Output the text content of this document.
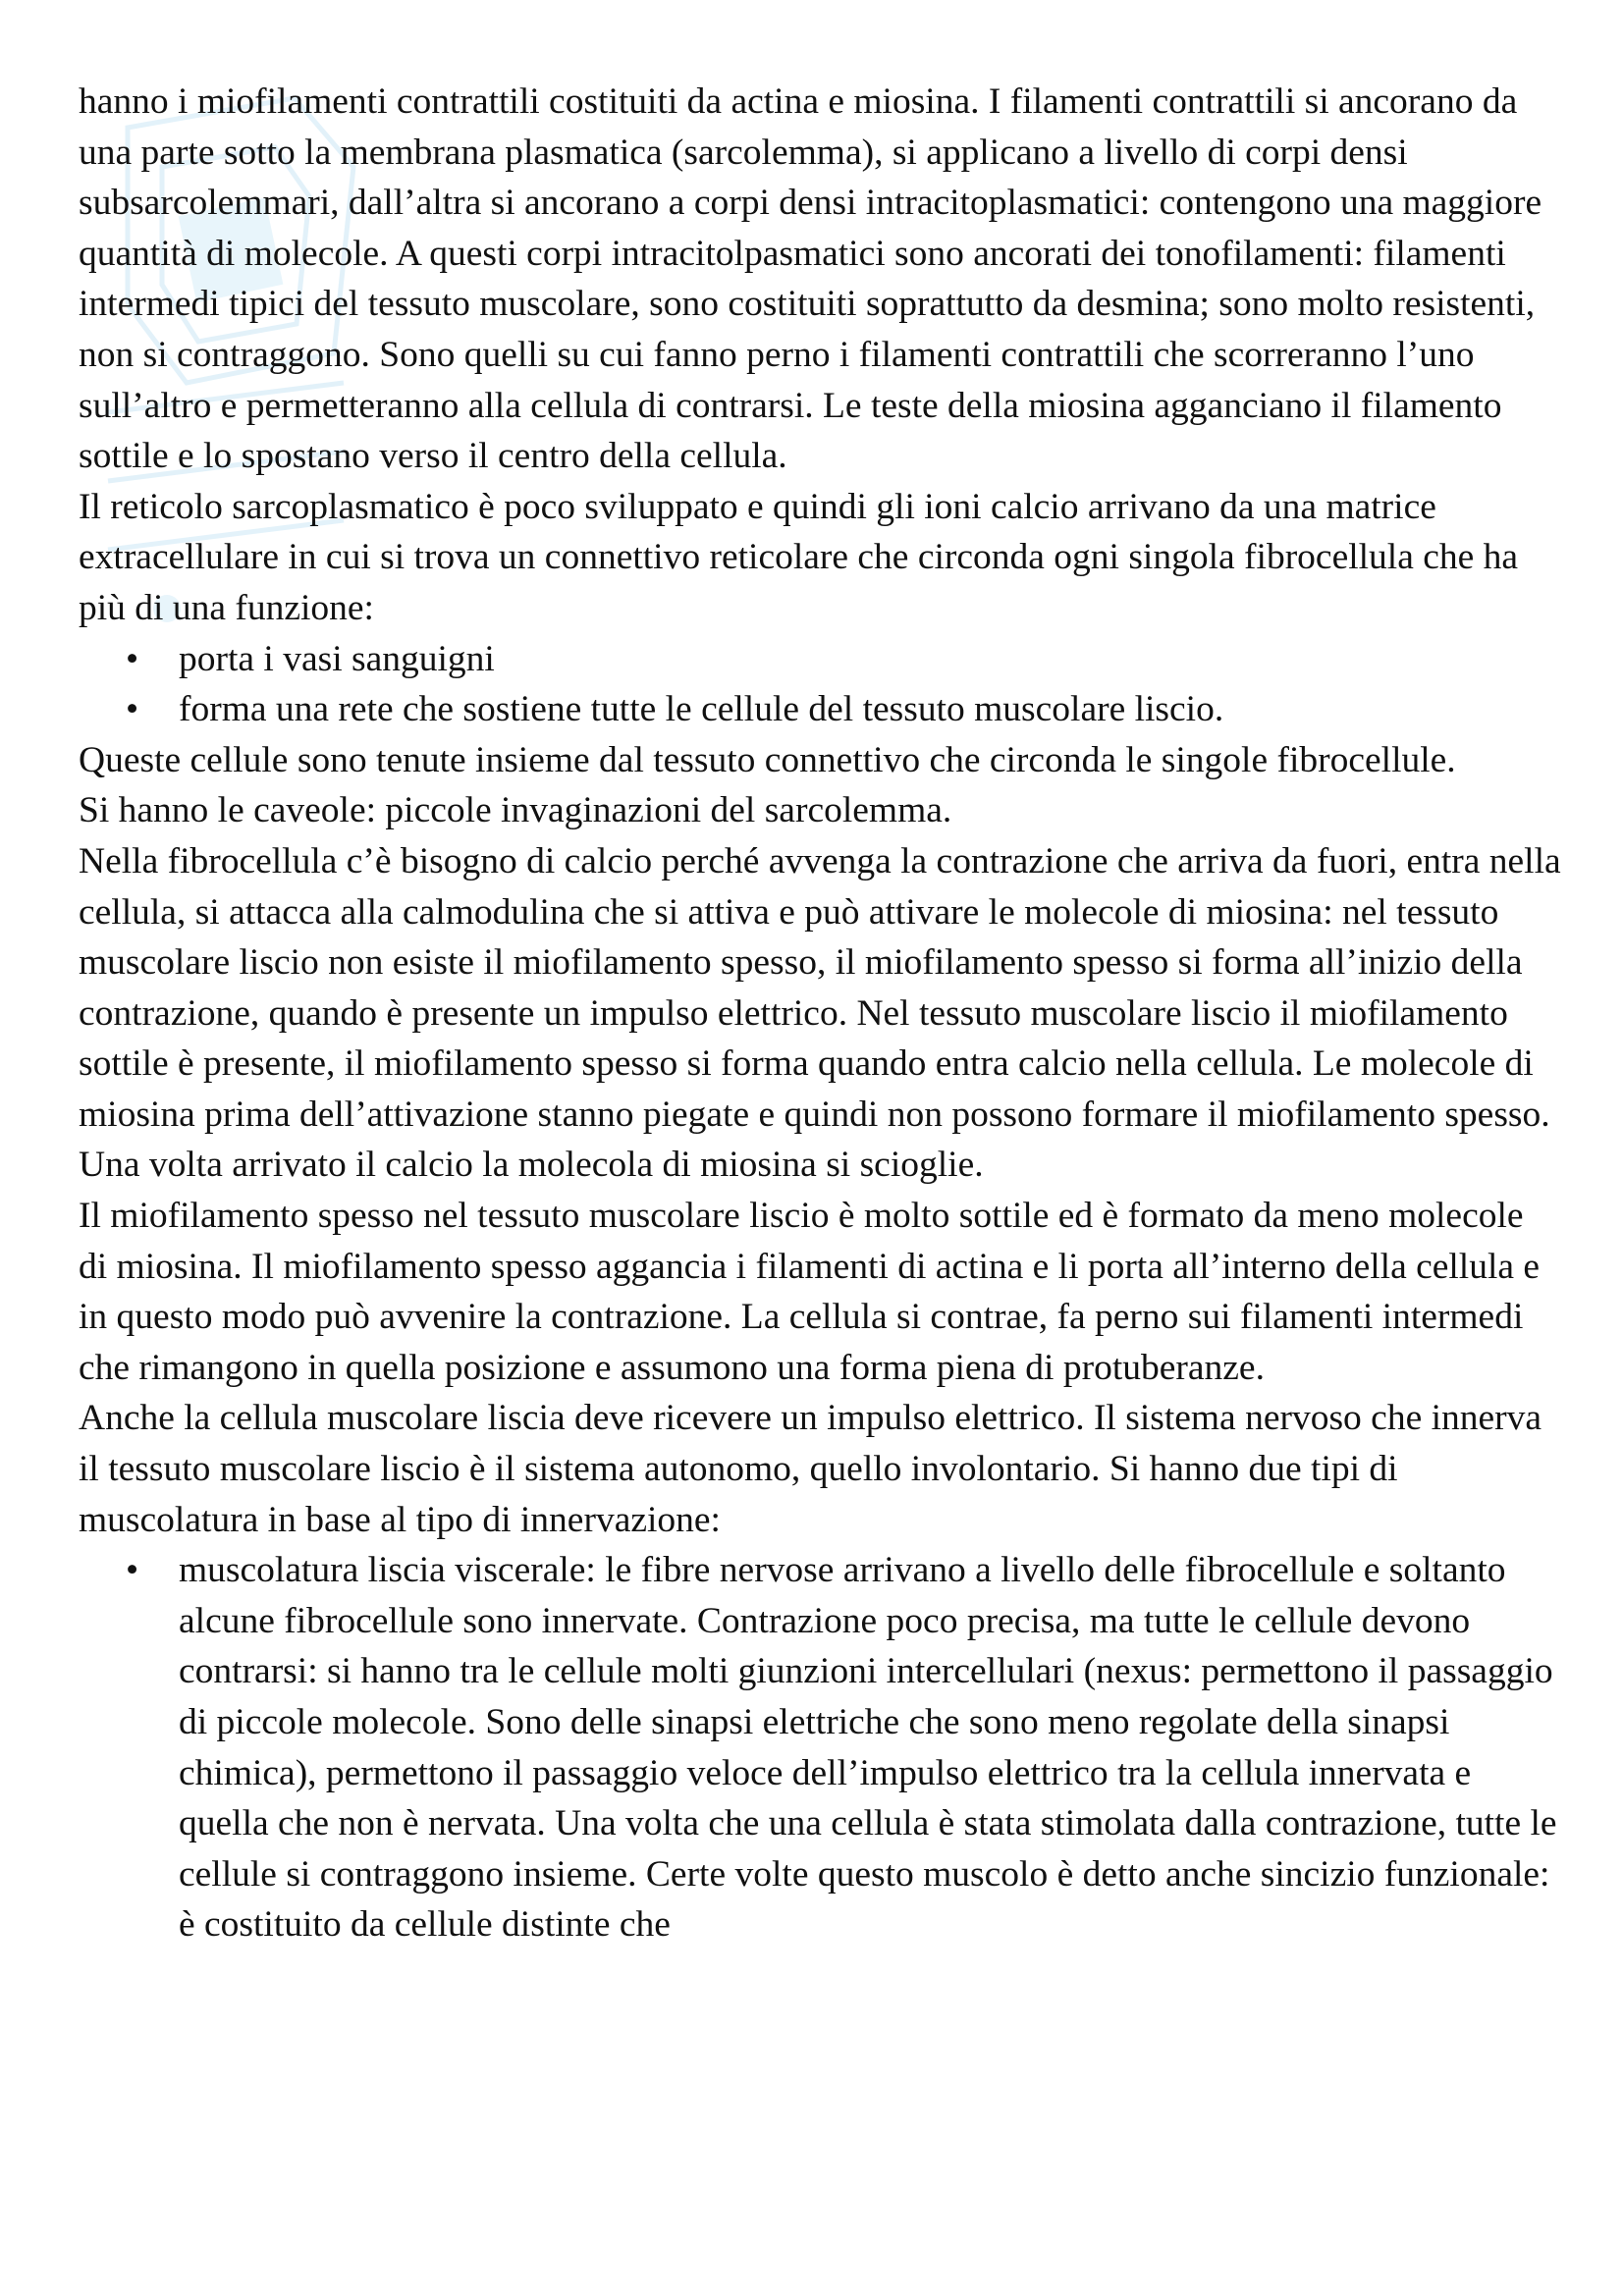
hanno i miofilamenti contrattili costituiti da actina e miosina. I filamenti contrattili si ancorano da una parte sotto la membrana plasmatica (sarcolemma), si applicano a livello di corpi densi subsarcolemmari, dall’altra si ancorano a corpi densi intracitoplasmatici: contengono una maggiore quantità di molecole. A questi corpi intracitolpasmatici sono ancorati dei tonofilamenti: filamenti intermedi tipici del tessuto muscolare, sono costituiti soprattutto da desmina; sono molto resistenti, non si contraggono. Sono quelli su cui fanno perno i filamenti contrattili che scorreranno l’uno sull’altro e permetteranno alla cellula di contrarsi. Le teste della miosina agganciano il filamento sottile e lo spostano verso il centro della cellula.

Il reticolo sarcoplasmatico è poco sviluppato e quindi gli ioni calcio arrivano da una matrice extracellulare in cui si trova un connettivo reticolare che circonda ogni singola fibrocellula che ha più di una funzione:

• porta i vasi sanguigni
• forma una rete che sostiene tutte le cellule del tessuto muscolare liscio.

Queste cellule sono tenute insieme dal tessuto connettivo che circonda le singole fibrocellule.

Si hanno le caveole: piccole invaginazioni del sarcolemma.

Nella fibrocellula c’è bisogno di calcio perché avvenga la contrazione che arriva da fuori, entra nella cellula, si attacca alla calmodulina che si attiva e può attivare le molecole di miosina: nel tessuto muscolare liscio non esiste il miofilamento spesso, il miofilamento spesso si forma all’inizio della contrazione, quando è presente un impulso elettrico. Nel tessuto muscolare liscio il miofilamento sottile è presente, il miofilamento spesso si forma quando entra calcio nella cellula. Le molecole di miosina prima dell’attivazione stanno piegate e quindi non possono formare il miofilamento spesso. Una volta arrivato il calcio la molecola di miosina si scioglie.

Il miofilamento spesso nel tessuto muscolare liscio è molto sottile ed è formato da meno molecole di miosina. Il miofilamento spesso aggancia i filamenti di actina e li porta all’interno della cellula e in questo modo può avvenire la contrazione. La cellula si contrae, fa perno sui filamenti intermedi che rimangono in quella posizione e assumono una forma piena di protuberanze.

Anche la cellula muscolare liscia deve ricevere un impulso elettrico. Il sistema nervoso che innerva il tessuto muscolare liscio è il sistema autonomo, quello involontario. Si hanno due tipi di muscolatura in base al tipo di innervazione:

• muscolatura liscia viscerale: le fibre nervose arrivano a livello delle fibrocellule e soltanto alcune fibrocellule sono innervate. Contrazione poco precisa, ma tutte le cellule devono contrarsi: si hanno tra le cellule molti giunzioni intercellulari (nexus: permettono il passaggio di piccole molecole. Sono delle sinapsi elettriche che sono meno regolate della sinapsi chimica), permettono il passaggio veloce dell’impulso elettrico tra la cellula innervata e quella che non è nervata. Una volta che una cellula è stata stimolata dalla contrazione, tutte le cellule si contraggono insieme. Certe volte questo muscolo è detto anche sincizio funzionale: è costituito da cellule distinte che
